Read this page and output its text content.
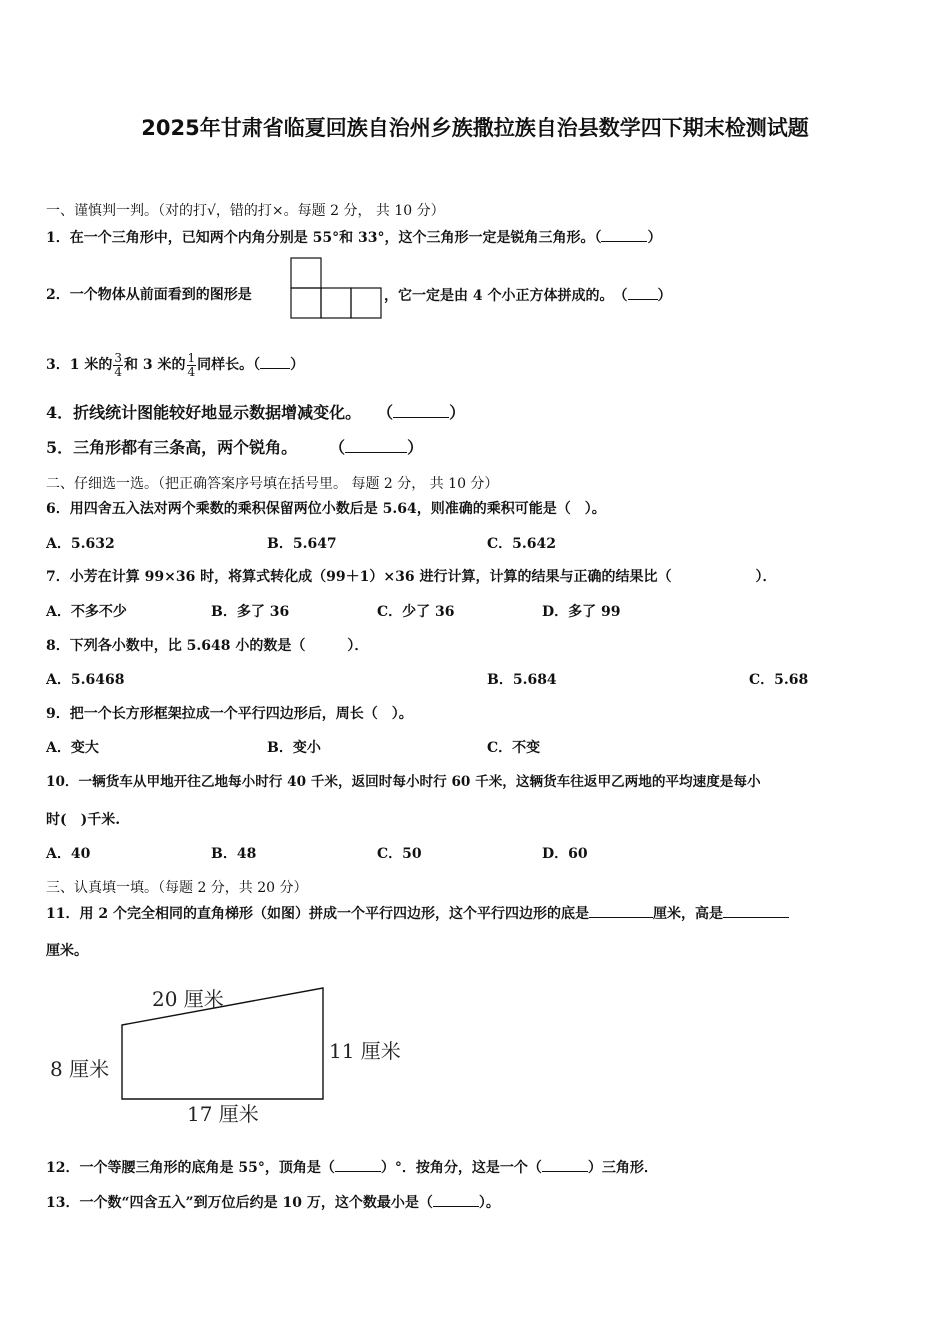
2025年甘肃省临夏回族自治州乡族撒拉族自治县数学四下期末检测试题
一、谨慎判一判。（对的打√，错的打×。每题 2 分， 共 10 分）
1．在一个三角形中，已知两个内角分别是 55°和 33°，这个三角形一定是锐角三角形。（	）
2．一个物体从前面看到的图形是	，它一定是由 4 个小正方体拼成的。　（ ）
3．1 米的 $\frac{3}{4}$ 和 3 米的 $\frac{1}{4}$ 同样长。（ ）
4．折线统计图能较好地显示数据增减变化。　　（	）
5．三角形都有三条高，两个锐角。　　　（	）
二、仔细选一选。（把正确答案序号填在括号里。 每题 2 分， 共 10 分）
6．用四舍五入法对两个乘数的乘积保留两位小数后是 5.64，则准确的乘积可能是（　）。
A．5.632	B．5.647	C．5.642
7．小芳在计算 99×36 时，将算式转化成（99＋1）×36 进行计算，计算的结果与正确的结果比（　　　　　　）．
A．不多不少	B．多了 36	C．少了 36	D．多了 99
8．下列各小数中，比 5.648 小的数是（　　　）．
A．5.6468	B．5.684	C．5.68
9．把一个长方形框架拉成一个平行四边形后，周长（　）。
A．变大	B．变小	C．不变
10．一辆货车从甲地开往乙地每小时行 40 千米，返回时每小时行 60 千米，这辆货车往返甲乙两地的平均速度是每小
时(　)千米.
A．40	B．48	C．50	D．60
三、认真填一填。（每题 2 分，共 20 分）
11．用 2 个完全相同的直角梯形（如图）拼成一个平行四边形，这个平行四边形的底是	厘米，高是
厘米。
20 厘米
8 厘米
11 厘米
17 厘米
12．一个等腰三角形的底角是 55°，顶角是（	）°．按角分，这是一个（	）三角形．
13．一个数“四含五入”到万位后约是 10 万，这个数最小是（	）。
